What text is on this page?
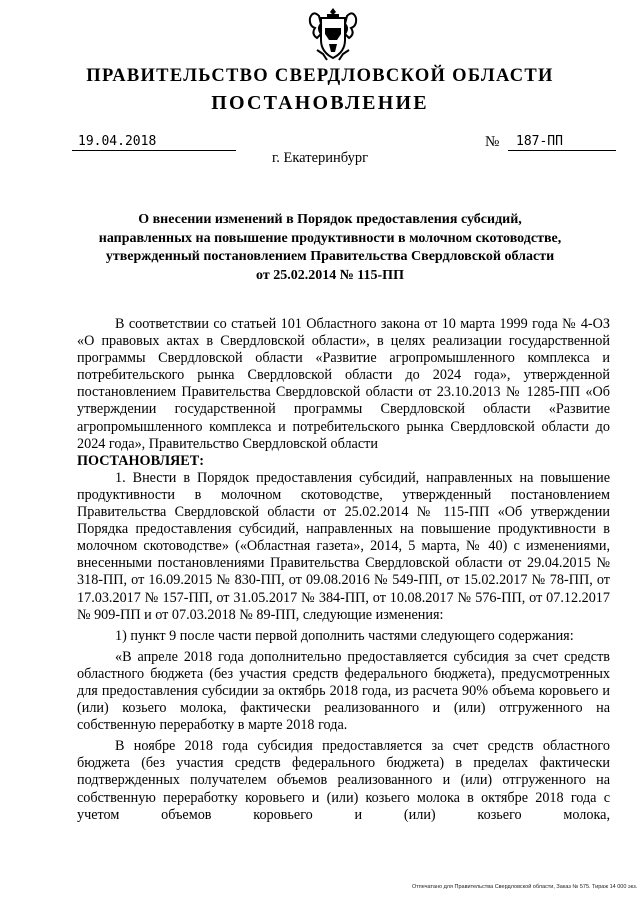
ПРАВИТЕЛЬСТВО СВЕРДЛОВСКОЙ ОБЛАСТИ
ПОСТАНОВЛЕНИЕ
19.04.2018	№	187-ПП
г. Екатеринбург
О внесении изменений в Порядок предоставления субсидий,
направленных на повышение продуктивности в молочном скотоводстве,
утвержденный постановлением Правительства Свердловской области
от 25.02.2014 № 115-ПП

В соответствии со статьей 101 Областного закона от 10 марта 1999 года № 4-ОЗ «О правовых актах в Свердловской области», в целях реализации государственной программы Свердловской области «Развитие агропромышленного комплекса и потребительского рынка Свердловской области до 2024 года», утвержденной постановлением Правительства Свердловской области от 23.10.2013 № 1285-ПП «Об утверждении государственной программы Свердловской области «Развитие агропромышленного комплекса и потребительского рынка Свердловской области до 2024 года», Правительство Свердловской области

ПОСТАНОВЛЯЕТ:

1. Внести в Порядок предоставления субсидий, направленных на повышение продуктивности в молочном скотоводстве, утвержденный постановлением Правительства Свердловской области от 25.02.2014 № 115-ПП «Об утверждении Порядка предоставления субсидий, направленных на повышение продуктивности в молочном скотоводстве» («Областная газета», 2014, 5 марта, № 40) с изменениями, внесенными постановлениями Правительства Свердловской области от 29.04.2015 № 318-ПП, от 16.09.2015 № 830-ПП, от 09.08.2016 № 549-ПП, от 15.02.2017 № 78-ПП, от 17.03.2017 № 157-ПП, от 31.05.2017 № 384-ПП, от 10.08.2017 № 576-ПП, от 07.12.2017 № 909-ПП и от 07.03.2018 № 89-ПП, следующие изменения:

1) пункт 9 после части первой дополнить частями следующего содержания:

«В апреле 2018 года дополнительно предоставляется субсидия за счет средств областного бюджета (без участия средств федерального бюджета), предусмотренных для предоставления субсидии за октябрь 2018 года, из расчета 90% объема коровьего и (или) козьего молока, фактически реализованного и (или) отгруженного на собственную переработку в марте 2018 года.

В ноябре 2018 года субсидия предоставляется за счет средств областного бюджета (без участия средств федерального бюджета) в пределах фактически подтвержденных получателем объемов реализованного и (или) отгруженного на собственную переработку коровьего и (или) козьего молока в октябре 2018 года с учетом объемов коровьего и (или) козьего молока,

Отпечатано для Правительства Свердловской области, Заказ № 575. Тираж 14 000 экз.
